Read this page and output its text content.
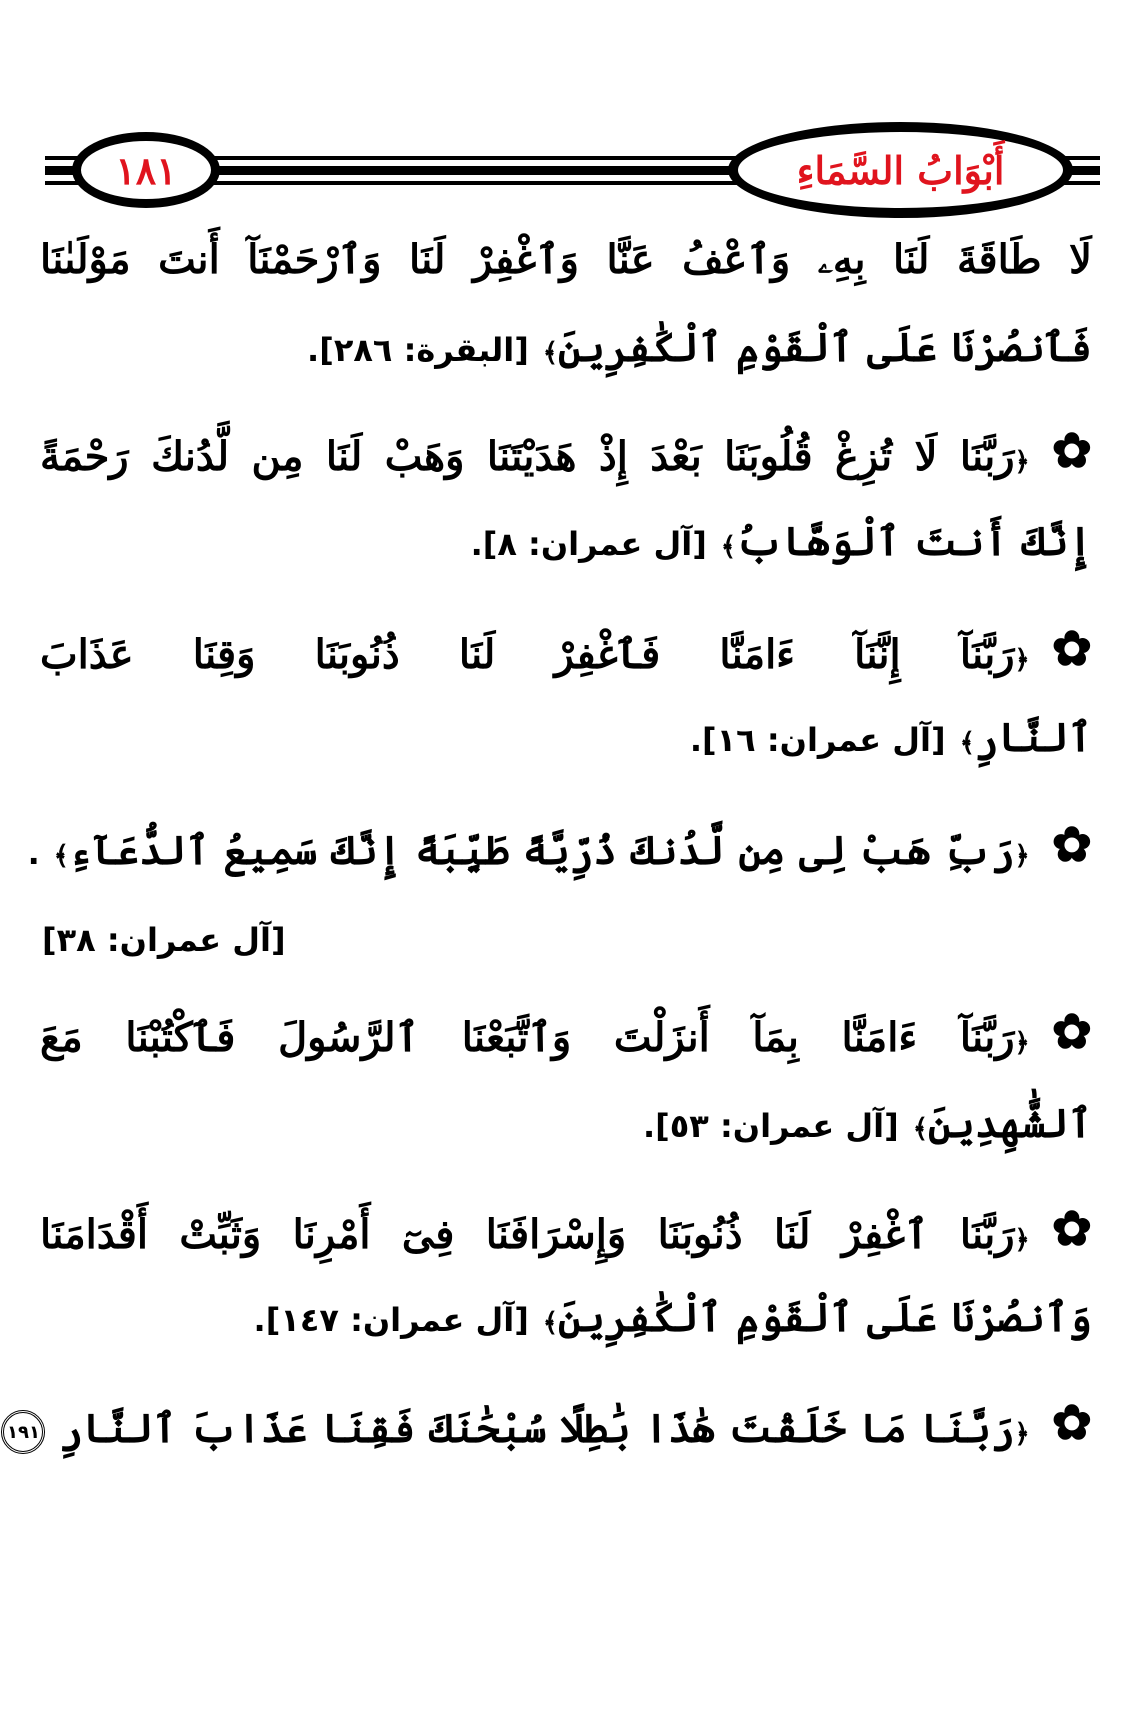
١٨١	أَبْوَابُ السَّمَاءِ
لَا طَاقَةَ لَنَا بِهِۦ وَٱعْفُ عَنَّا وَٱغْفِرْ لَنَا وَٱرْحَمْنَآ أَنتَ مَوْلَىٰنَا
فَٱنصُرْنَا عَلَى ٱلْقَوْمِ ٱلْكَٰفِرِينَ﴾ [البقرة: ٢٨٦].
✿﴿رَبَّنَا لَا تُزِغْ قُلُوبَنَا بَعْدَ إِذْ هَدَيْتَنَا وَهَبْ لَنَا مِن لَّدُنكَ رَحْمَةً
إِنَّكَ أَنتَ ٱلْوَهَّابُ﴾ [آل عمران: ٨].
✿﴿رَبَّنَآ إِنَّنَآ ءَامَنَّا فَٱغْفِرْ لَنَا ذُنُوبَنَا وَقِنَا عَذَابَ
ٱلنَّارِ﴾ [آل عمران: ١٦].
✿﴿رَبِّ هَبْ لِى مِن لَّدُنكَ ذُرِّيَّةً طَيِّبَةً إِنَّكَ سَمِيعُ ٱلدُّعَآءِ﴾ .
[آل عمران: ٣٨]
✿﴿رَبَّنَآ ءَامَنَّا بِمَآ أَنزَلْتَ وَٱتَّبَعْنَا ٱلرَّسُولَ فَٱكْتُبْنَا مَعَ
ٱلشَّٰهِدِينَ﴾ [آل عمران: ٥٣].
✿﴿رَبَّنَا ٱغْفِرْ لَنَا ذُنُوبَنَا وَإِسْرَافَنَا فِىٓ أَمْرِنَا وَثَبِّتْ أَقْدَامَنَا
وَٱنصُرْنَا عَلَى ٱلْقَوْمِ ٱلْكَٰفِرِينَ﴾ [آل عمران: ١٤٧].
✿﴿رَبَّنَا مَا خَلَقْتَ هَٰذَا بَٰطِلًا سُبْحَٰنَكَ فَقِنَا عَذَابَ ٱلنَّارِ ١٩١
